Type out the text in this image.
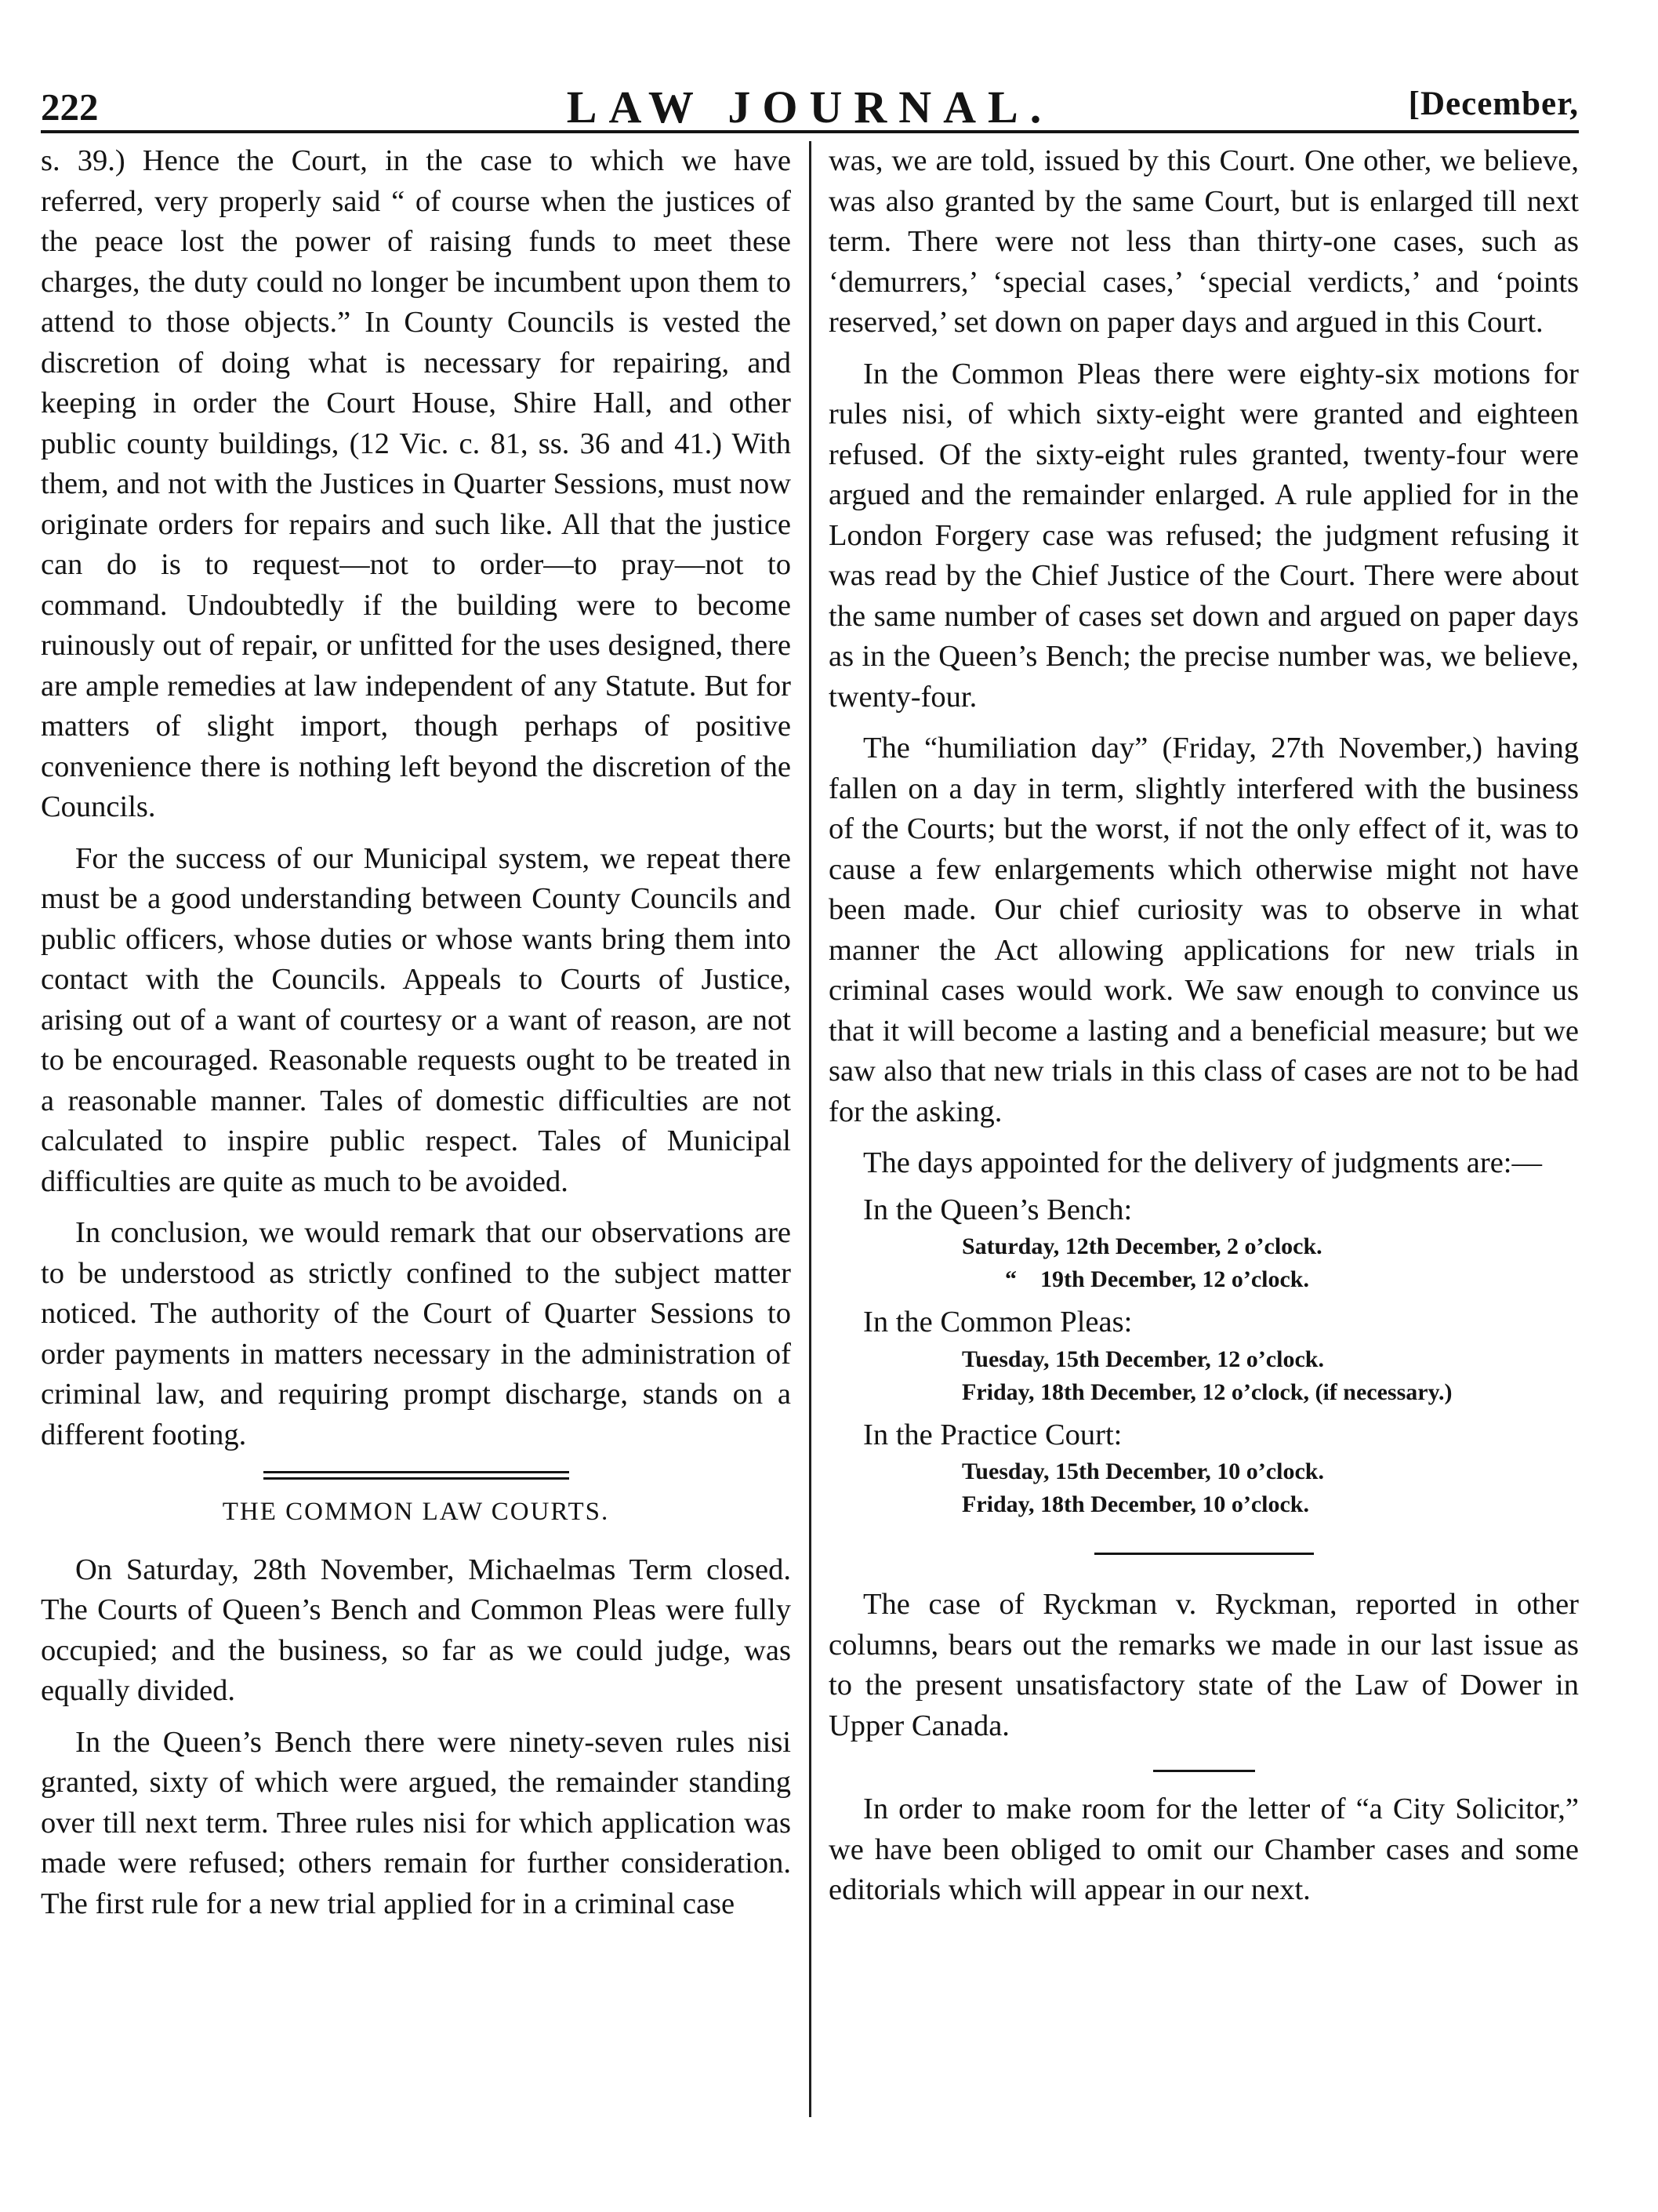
222	LAW JOURNAL.	[December,

s. 39.) Hence the Court, in the case to which we have referred, very properly said “ of course when the justices of the peace lost the power of raising funds to meet these charges, the duty could no longer be incumbent upon them to attend to those objects.” In County Councils is vested the discretion of doing what is necessary for repairing, and keeping in order the Court House, Shire Hall, and other public county buildings, (12 Vic. c. 81, ss. 36 and 41.) With them, and not with the Justices in Quarter Sessions, must now originate orders for repairs and such like. All that the justice can do is to request—not to order—to pray—not to command. Undoubtedly if the building were to become ruinously out of repair, or unfitted for the uses designed, there are ample remedies at law independent of any Statute. But for matters of slight import, though perhaps of positive convenience there is nothing left beyond the discretion of the Councils.

For the success of our Municipal system, we repeat there must be a good understanding between County Councils and public officers, whose duties or whose wants bring them into contact with the Councils. Appeals to Courts of Justice, arising out of a want of courtesy or a want of reason, are not to be encouraged. Reasonable requests ought to be treated in a reasonable manner. Tales of domestic difficulties are not calculated to inspire public respect. Tales of Municipal difficulties are quite as much to be avoided.

In conclusion, we would remark that our observations are to be understood as strictly confined to the subject matter noticed. The authority of the Court of Quarter Sessions to order payments in matters necessary in the administration of criminal law, and requiring prompt discharge, stands on a different footing.

THE COMMON LAW COURTS.

On Saturday, 28th November, Michaelmas Term closed. The Courts of Queen’s Bench and Common Pleas were fully occupied; and the business, so far as we could judge, was equally divided.

In the Queen’s Bench there were ninety-seven rules nisi granted, sixty of which were argued, the remainder standing over till next term. Three rules nisi for which application was made were refused; others remain for further consideration. The first rule for a new trial applied for in a criminal case

was, we are told, issued by this Court. One other, we believe, was also granted by the same Court, but is enlarged till next term. There were not less than thirty-one cases, such as ‘demurrers,’ ‘special cases,’ ‘special verdicts,’ and ‘points reserved,’ set down on paper days and argued in this Court.

In the Common Pleas there were eighty-six motions for rules nisi, of which sixty-eight were granted and eighteen refused. Of the sixty-eight rules granted, twenty-four were argued and the remainder enlarged. A rule applied for in the London Forgery case was refused; the judgment refusing it was read by the Chief Justice of the Court. There were about the same number of cases set down and argued on paper days as in the Queen’s Bench; the precise number was, we believe, twenty-four.

The “humiliation day” (Friday, 27th November,) having fallen on a day in term, slightly interfered with the business of the Courts; but the worst, if not the only effect of it, was to cause a few enlargements which otherwise might not have been made. Our chief curiosity was to observe in what manner the Act allowing applications for new trials in criminal cases would work. We saw enough to convince us that it will become a lasting and a beneficial measure; but we saw also that new trials in this class of cases are not to be had for the asking.

The days appointed for the delivery of judgments are:—

In the Queen’s Bench:

Saturday, 12th December, 2 o’clock.
“ 19th December, 12 o’clock.

In the Common Pleas:

Tuesday, 15th December, 12 o’clock.
Friday, 18th December, 12 o’clock, (if necessary.)

In the Practice Court:

Tuesday, 15th December, 10 o’clock.
Friday, 18th December, 10 o’clock.

The case of Ryckman v. Ryckman, reported in other columns, bears out the remarks we made in our last issue as to the present unsatisfactory state of the Law of Dower in Upper Canada.

In order to make room for the letter of “a City Solicitor,” we have been obliged to omit our Chamber cases and some editorials which will appear in our next.
